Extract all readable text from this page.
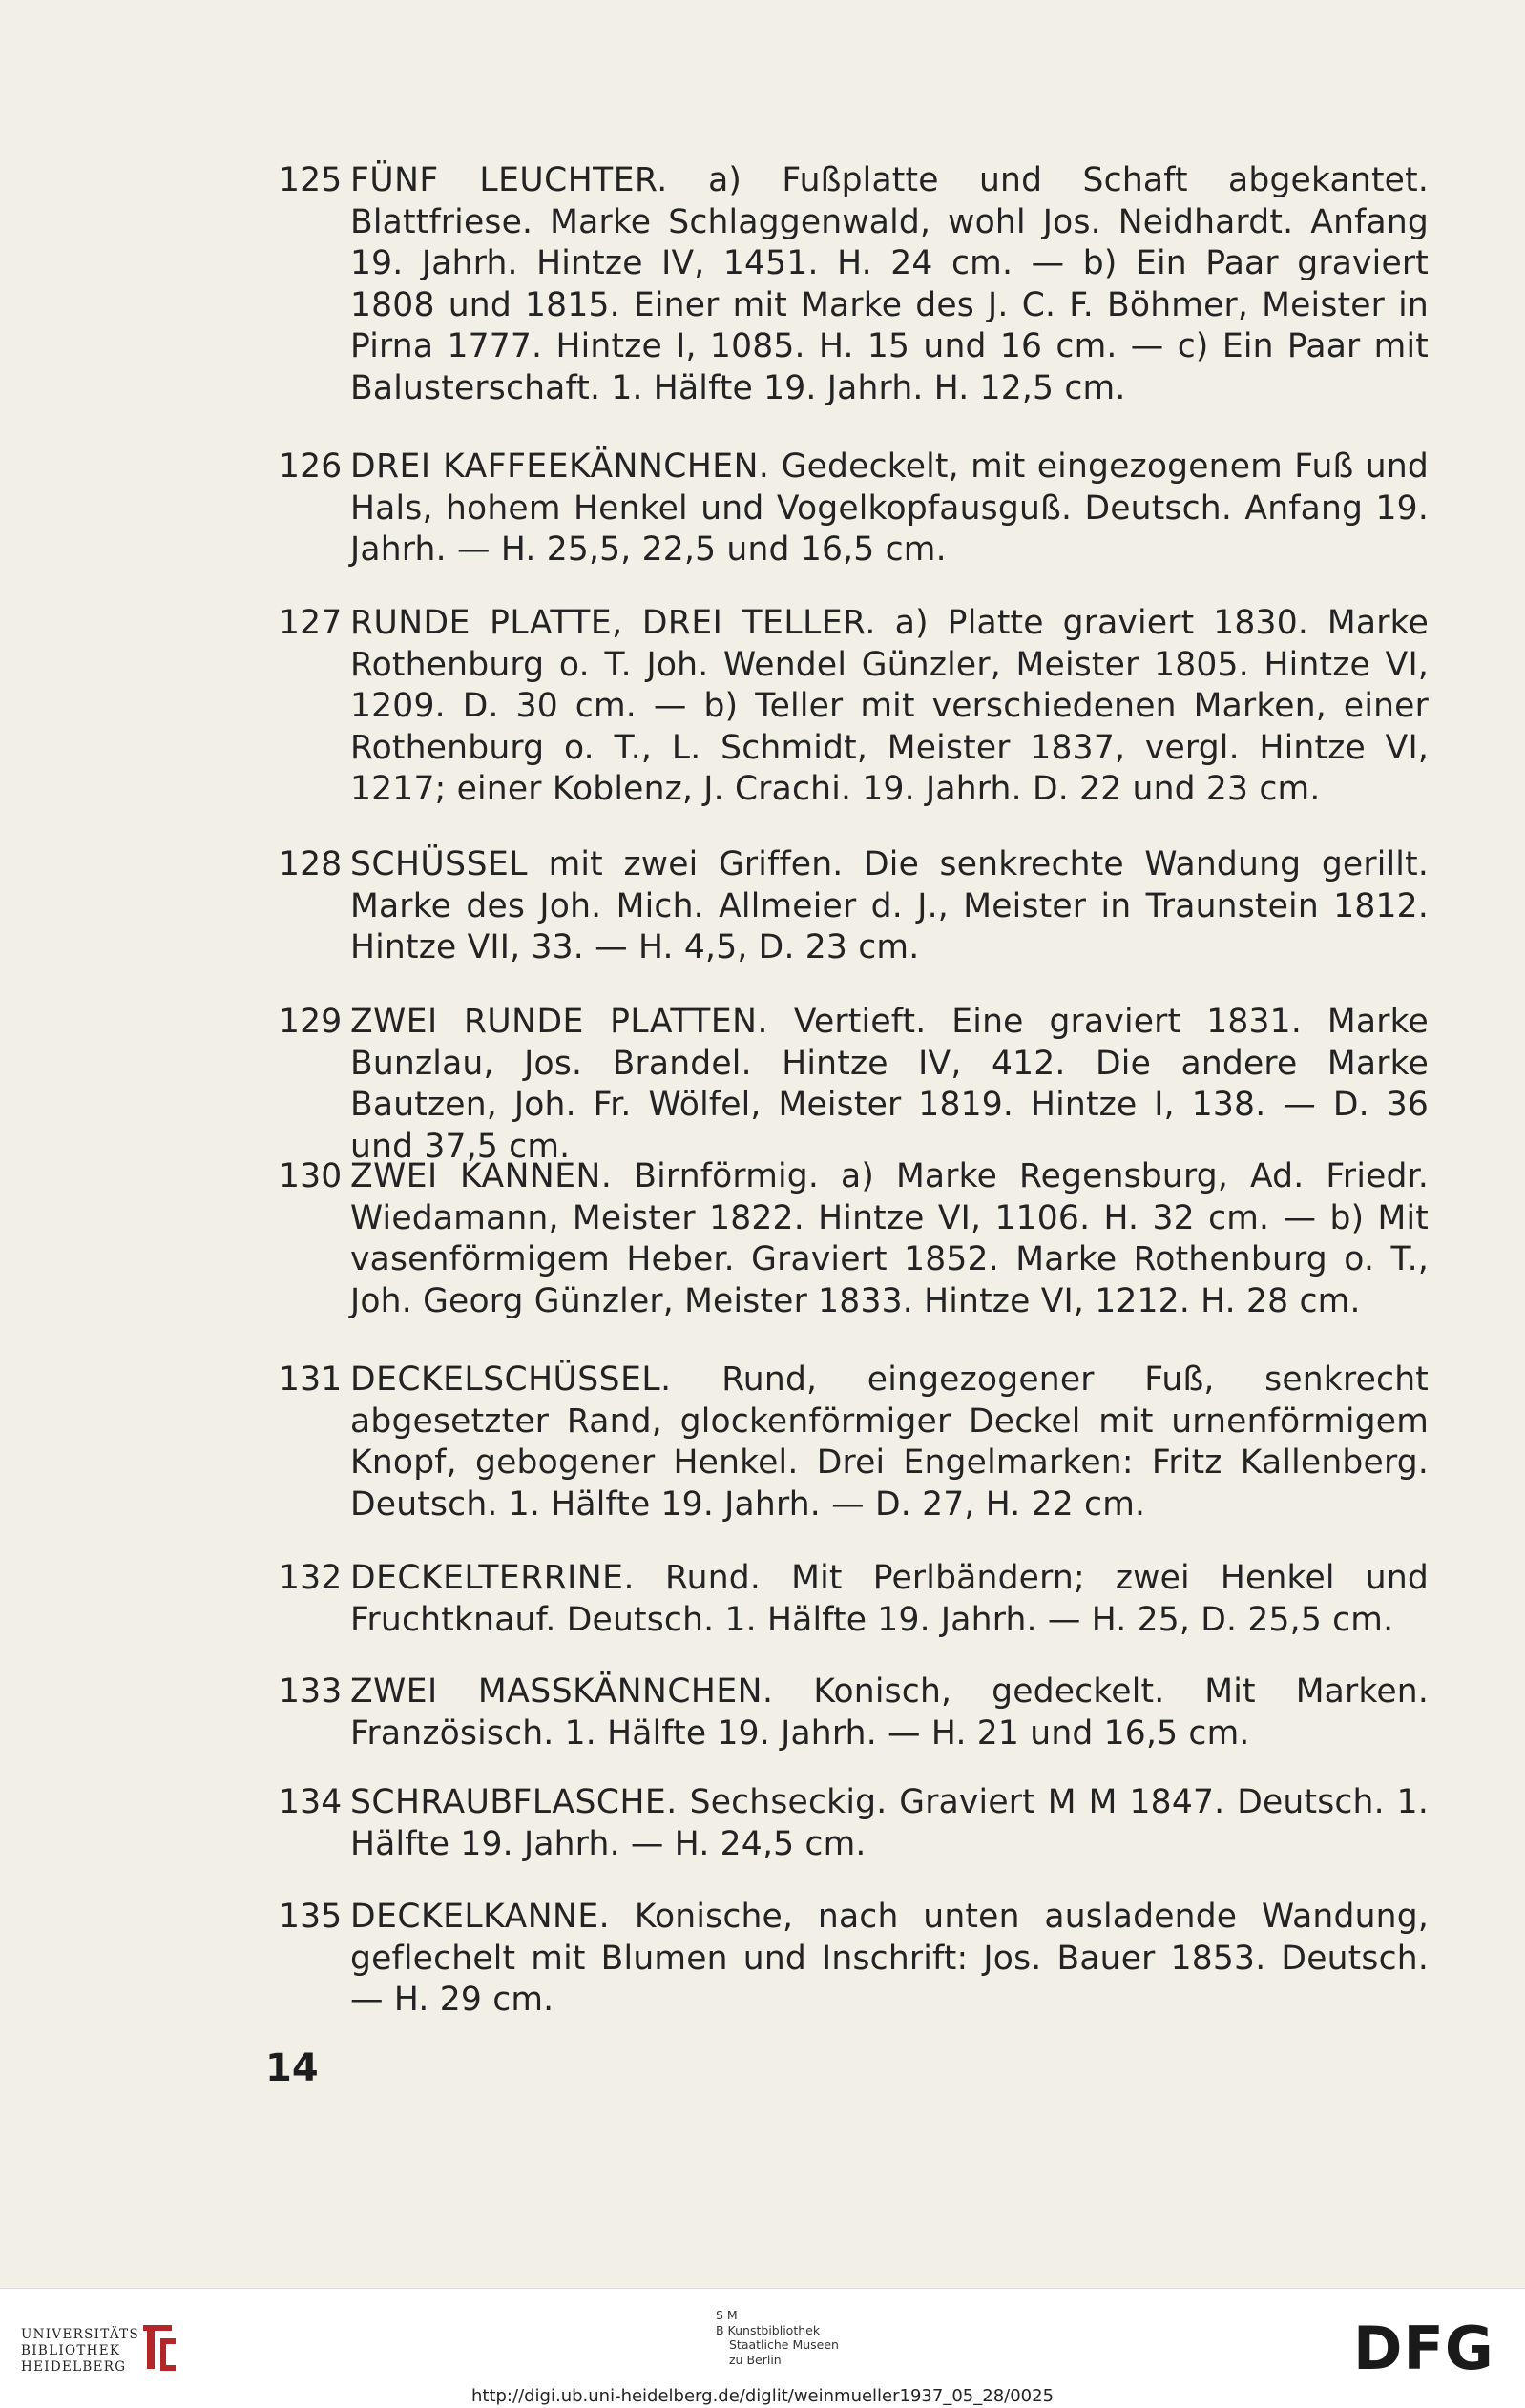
125 FÜNF LEUCHTER. a) Fußplatte und Schaft abgekantet. Blattfriese. Marke Schlaggenwald, wohl Jos. Neidhardt. Anfang 19. Jahrh. Hintze IV, 1451. H. 24 cm. — b) Ein Paar graviert 1808 und 1815. Einer mit Marke des J. C. F. Böhmer, Meister in Pirna 1777. Hintze I, 1085. H. 15 und 16 cm. — c) Ein Paar mit Balusterschaft. 1. Hälfte 19. Jahrh. H. 12,5 cm.
126 DREI KAFFEEKÄNNCHEN. Gedeckelt, mit eingezogenem Fuß und Hals, hohem Henkel und Vogelkopfausguß. Deutsch. Anfang 19. Jahrh. — H. 25,5, 22,5 und 16,5 cm.
127 RUNDE PLATTE, DREI TELLER. a) Platte graviert 1830. Marke Rothenburg o. T. Joh. Wendel Günzler, Meister 1805. Hintze VI, 1209. D. 30 cm. — b) Teller mit verschiedenen Marken, einer Rothenburg o. T., L. Schmidt, Meister 1837, vergl. Hintze VI, 1217; einer Koblenz, J. Crachi. 19. Jahrh. D. 22 und 23 cm.
128 SCHÜSSEL mit zwei Griffen. Die senkrechte Wandung gerillt. Marke des Joh. Mich. Allmeier d. J., Meister in Traunstein 1812. Hintze VII, 33. — H. 4,5, D. 23 cm.
129 ZWEI RUNDE PLATTEN. Vertieft. Eine graviert 1831. Marke Bunzlau, Jos. Brandel. Hintze IV, 412. Die andere Marke Bautzen, Joh. Fr. Wölfel, Meister 1819. Hintze I, 138. — D. 36 und 37,5 cm.
130 ZWEI KANNEN. Birnförmig. a) Marke Regensburg, Ad. Friedr. Wiedamann, Meister 1822. Hintze VI, 1106. H. 32 cm. — b) Mit vasenförmigem Heber. Graviert 1852. Marke Rothenburg o. T., Joh. Georg Günzler, Meister 1833. Hintze VI, 1212. H. 28 cm.
131 DECKELSCHÜSSEL. Rund, eingezogener Fuß, senkrecht abgesetzter Rand, glockenförmiger Deckel mit urnenförmigem Knopf, gebogener Henkel. Drei Engelmarken: Fritz Kallenberg. Deutsch. 1. Hälfte 19. Jahrh. — D. 27, H. 22 cm.
132 DECKELTERRINE. Rund. Mit Perlbändern; zwei Henkel und Fruchtknauf. Deutsch. 1. Hälfte 19. Jahrh. — H. 25, D. 25,5 cm.
133 ZWEI MASSKÄNNCHEN. Konisch, gedeckelt. Mit Marken. Französisch. 1. Hälfte 19. Jahrh. — H. 21 und 16,5 cm.
134 SCHRAUBFLASCHE. Sechseckig. Graviert M M 1847. Deutsch. 1. Hälfte 19. Jahrh. — H. 24,5 cm.
135 DECKELKANNE. Konische, nach unten ausladende Wandung, geflechelt mit Blumen und Inschrift: Jos. Bauer 1853. Deutsch. — H. 29 cm.
14
UNIVERSITÄTS-
BIBLIOTHEK
HEIDELBERG
S M
B Kunstbibliothek
Staatliche Museen
zu Berlin	DFG
http://digi.ub.uni-heidelberg.de/diglit/weinmueller1937_05_28/0025
